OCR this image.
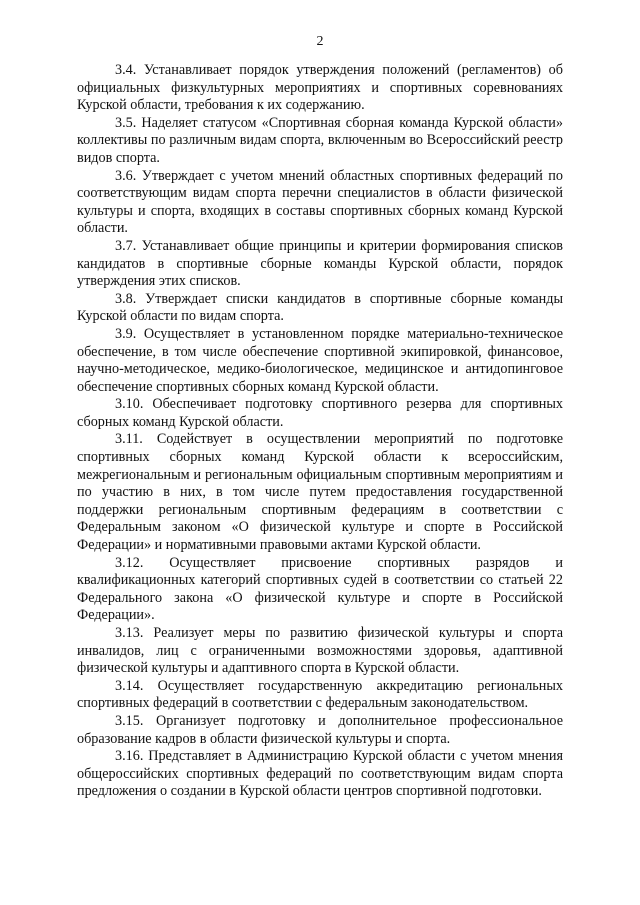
2

3.4. Устанавливает порядок утверждения положений (регламентов) об официальных физкультурных мероприятиях и спортивных соревнованиях Курской области, требования к их содержанию.

3.5. Наделяет статусом «Спортивная сборная команда Курской области» коллективы по различным видам спорта, включенным во Всероссийский реестр видов спорта.

3.6. Утверждает с учетом мнений областных спортивных федераций по соответствующим видам спорта перечни специалистов в области физической культуры и спорта, входящих в составы спортивных сборных команд Курской области.

3.7. Устанавливает общие принципы и критерии формирования списков кандидатов в спортивные сборные команды Курской области, порядок утверждения этих списков.

3.8. Утверждает списки кандидатов в спортивные сборные команды Курской области по видам спорта.

3.9. Осуществляет в установленном порядке материально-техническое обеспечение, в том числе обеспечение спортивной экипировкой, финансовое, научно-методическое, медико-биологическое, медицинское и антидопинговое обеспечение спортивных сборных команд Курской области.

3.10. Обеспечивает подготовку спортивного резерва для спортивных сборных команд Курской области.

3.11. Содействует в осуществлении мероприятий по подготовке спортивных сборных команд Курской области к всероссийским, межрегиональным и региональным официальным спортивным мероприятиям и по участию в них, в том числе путем предоставления государственной поддержки региональным спортивным федерациям в соответствии с Федеральным законом «О физической культуре и спорте в Российской Федерации» и нормативными правовыми актами Курской области.

3.12. Осуществляет присвоение спортивных разрядов и квалификационных категорий спортивных судей в соответствии со статьей 22 Федерального закона «О физической культуре и спорте в Российской Федерации».

3.13. Реализует меры по развитию физической культуры и спорта инвалидов, лиц с ограниченными возможностями здоровья, адаптивной физической культуры и адаптивного спорта в Курской области.

3.14. Осуществляет государственную аккредитацию региональных спортивных федераций в соответствии с федеральным законодательством.

3.15. Организует подготовку и дополнительное профессиональное образование кадров в области физической культуры и спорта.

3.16. Представляет в Администрацию Курской области с учетом мнения общероссийских спортивных федераций по соответствующим видам спорта предложения о создании в Курской области центров спортивной подготовки.
